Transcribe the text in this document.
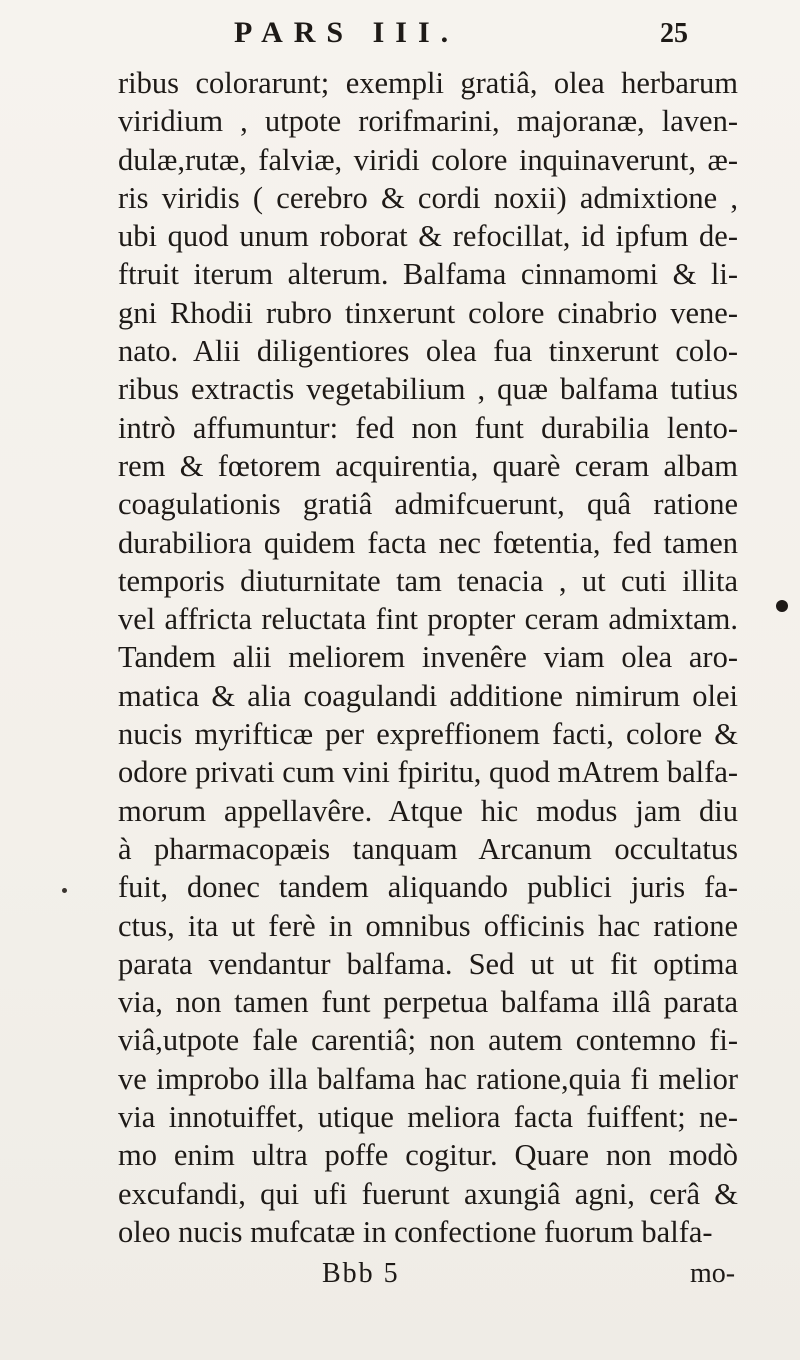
PARS III.	25
ribus colorarunt; exempli gratiâ, olea herbarum
viridium , utpote rorifmarini, majoranæ, laven-
dulæ,rutæ, falviæ, viridi colore inquinaverunt, æ-
ris viridis ( cerebro & cordi noxii) admixtione ,
ubi quod unum roborat & refocillat, id ipfum de-
ftruit iterum alterum. Balfama cinnamomi & li-
gni Rhodii rubro tinxerunt colore cinabrio vene-
nato. Alii diligentiores olea fua tinxerunt colo-
ribus extractis vegetabilium , quæ balfama tutius
intrò affumuntur: fed non funt durabilia lento-
rem & fœtorem acquirentia, quarè ceram albam
coagulationis gratiâ admifcuerunt, quâ ratione
durabiliora quidem facta nec fœtentia, fed tamen
temporis diuturnitate tam tenacia , ut cuti illita
vel affricta reluctata fint propter ceram admixtam.
Tandem alii meliorem invenêre viam olea aro-
matica & alia coagulandi additione nimirum olei
nucis myrifticæ per expreffionem facti, colore &
odore privati cum vini fpiritu, quod mAtrem balfa-
morum appellavêre. Atque hic modus jam diu
à pharmacopæis tanquam Arcanum occultatus
fuit, donec tandem aliquando publici juris fa-
ctus, ita ut ferè in omnibus officinis hac ratione
parata vendantur balfama. Sed ut ut fit optima
via, non tamen funt perpetua balfama illâ parata
viâ,utpote fale carentiâ; non autem contemno fi-
ve improbo illa balfama hac ratione,quia fi melior
via innotuiffet, utique meliora facta fuiffent; ne-
mo enim ultra poffe cogitur. Quare non modò
excufandi, qui ufi fuerunt axungiâ agni, cerâ &
oleo nucis mufcatæ in confectione fuorum balfa-
Bbb 5	mo-
